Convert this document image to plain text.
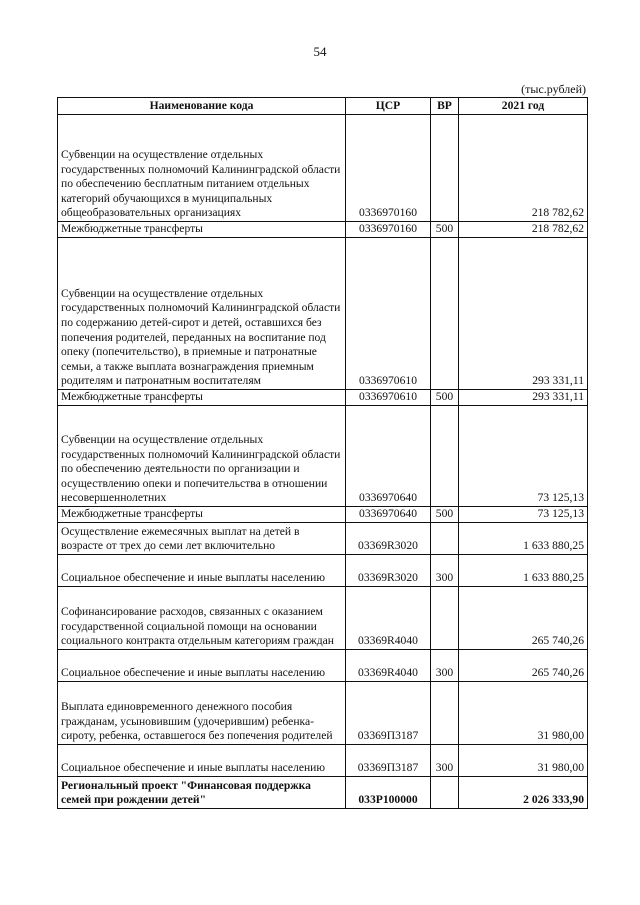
54
(тыс.рублей)
Наименование кода	ЦСР	ВР	2021 год
Субвенции на осуществление отдельных государственных полномочий Калининградской области по обеспечению бесплатным питанием отдельных категорий обучающихся в муниципальных общеобразовательных организациях	0336970160		218 782,62
Межбюджетные трансферты	0336970160	500	218 782,62
Субвенции на осуществление отдельных государственных полномочий Калининградской области по содержанию детей-сирот и детей, оставшихся без попечения родителей, переданных на воспитание под опеку (попечительство), в приемные и патронатные семьи, а также выплата вознаграждения приемным родителям и патронатным воспитателям	0336970610		293 331,11
Межбюджетные трансферты	0336970610	500	293 331,11
Субвенции на осуществление отдельных государственных полномочий Калининградской области по обеспечению деятельности по организации и осуществлению опеки и попечительства в отношении несовершеннолетних	0336970640		73 125,13
Межбюджетные трансферты	0336970640	500	73 125,13
Осуществление ежемесячных выплат на детей в возрасте от трех до семи лет включительно	03369R3020		1 633 880,25
Социальное обеспечение и иные выплаты населению	03369R3020	300	1 633 880,25
Софинансирование расходов, связанных с оказанием государственной социальной помощи на основании социального контракта отдельным категориям граждан	03369R4040		265 740,26
Социальное обеспечение и иные выплаты населению	03369R4040	300	265 740,26
Выплата единовременного денежного пособия гражданам, усыновившим (удочерившим) ребенка-сироту, ребенка, оставшегося без попечения родителей	03369П3187		31 980,00
Социальное обеспечение и иные выплаты населению	03369П3187	300	31 980,00
Региональный проект "Финансовая поддержка семей при рождении детей"	033P100000		2 026 333,90
